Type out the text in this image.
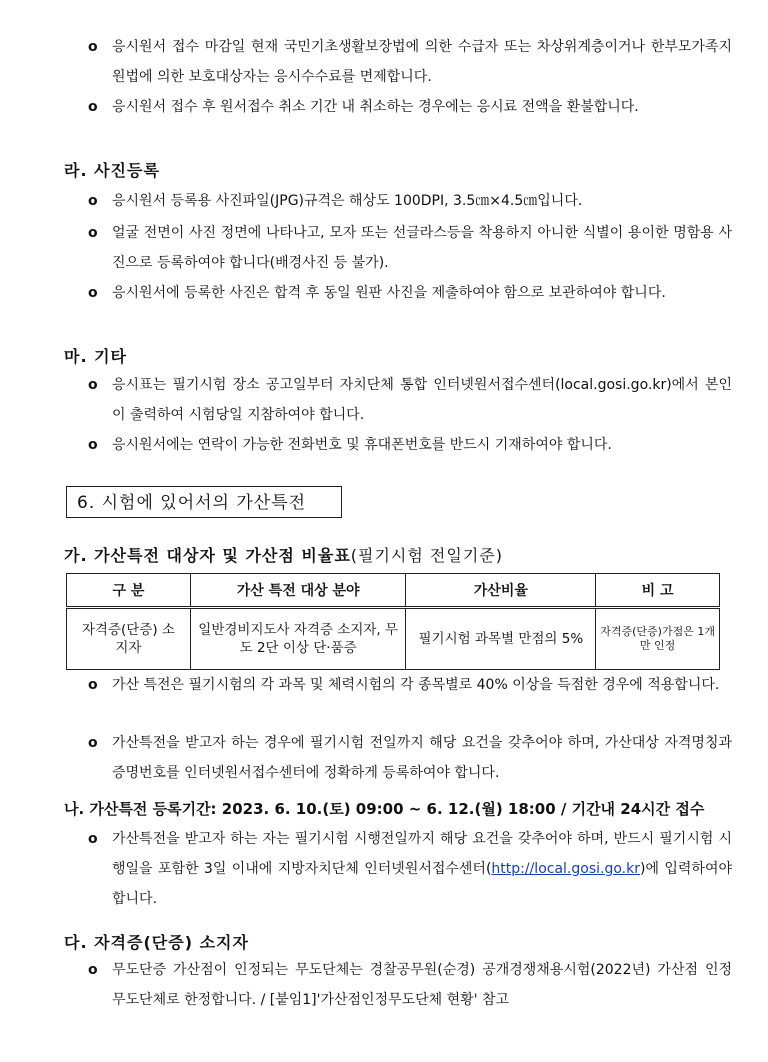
o	응시원서 접수 마감일 현재 국민기초생활보장법에 의한 수급자 또는 차상위계층이거나 한부모가족지원법에 의한 보호대상자는 응시수수료를 면제합니다.
o	응시원서 접수 후 원서접수 취소 기간 내 취소하는 경우에는 응시료 전액을 환불합니다.
라. 사진등록
o	응시원서 등록용 사진파일(JPG)규격은 해상도 100DPI, 3.5㎝×4.5㎝입니다.
o	얼굴 전면이 사진 정면에 나타나고, 모자 또는 선글라스등을 착용하지 아니한 식별이 용이한 명함용 사진으로 등록하여야 합니다(배경사진 등 불가).
o	응시원서에 등록한 사진은 합격 후 동일 원판 사진을 제출하여야 함으로 보관하여야 합니다.
마. 기타
o	응시표는 필기시험 장소 공고일부터 자치단체 통합 인터넷원서접수센터(local.gosi.go.kr)에서 본인이 출력하여 시험당일 지참하여야 합니다.
o	응시원서에는 연락이 가능한 전화번호 및 휴대폰번호를 반드시 기재하여야 합니다.
6. 시험에 있어서의 가산특전
가. 가산특전 대상자 및 가산점 비율표(필기시험 전일기준)
구 분	가산 특전 대상 분야	가산비율	비 고
자격증(단증) 소지자	일반경비지도사 자격증 소지자, 무도 2단 이상 단·품증	필기시험 과목별 만점의 5%	자격증(단증)가점은 1개만 인정
o	가산 특전은 필기시험의 각 과목 및 체력시험의 각 종목별로 40% 이상을 득점한 경우에 적용합니다.
o	가산특전을 받고자 하는 경우에 필기시험 전일까지 해당 요건을 갖추어야 하며, 가산대상 자격명칭과 증명번호를 인터넷원서접수센터에 정확하게 등록하여야 합니다.
나. 가산특전 등록기간: 2023. 6. 10.(토) 09:00 ~ 6. 12.(월) 18:00 / 기간내 24시간 접수
o	가산특전을 받고자 하는 자는 필기시험 시행전일까지 해당 요건을 갖추어야 하며, 반드시 필기시험 시행일을 포함한 3일 이내에 지방자치단체 인터넷원서접수센터(http://local.gosi.go.kr)에 입력하여야 합니다.
다. 자격증(단증) 소지자
o	무도단증 가산점이 인정되는 무도단체는 경찰공무원(순경) 공개경쟁채용시험(2022년) 가산점 인정 무도단체로 한정합니다. / [붙임1]'가산점인정무도단체 현황' 참고
